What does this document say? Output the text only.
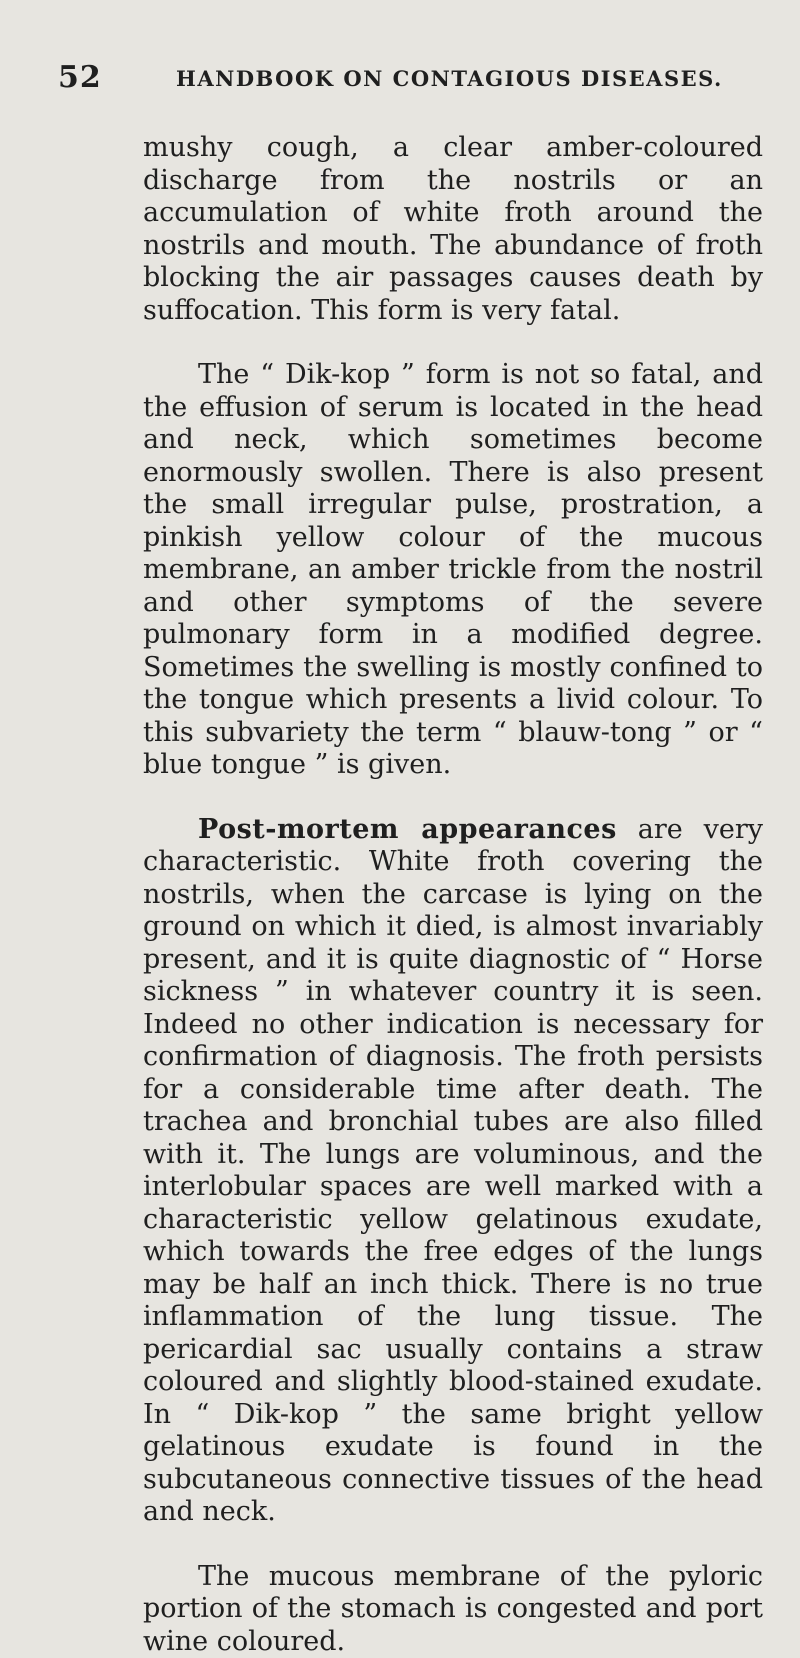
52	HANDBOOK ON CONTAGIOUS DISEASES.

mushy cough, a clear amber-coloured discharge from the nostrils or an accumulation of white froth around the nostrils and mouth. The abundance of froth blocking the air passages causes death by suffocation. This form is very fatal.

The “ Dik-kop ” form is not so fatal, and the effusion of serum is located in the head and neck, which sometimes become enormously swollen. There is also present the small irregular pulse, prostration, a pinkish yellow colour of the mucous membrane, an amber trickle from the nostril and other symptoms of the severe pulmonary form in a modified degree. Sometimes the swelling is mostly confined to the tongue which presents a livid colour. To this subvariety the term “ blauw-tong ” or “ blue tongue ” is given.

Post-mortem appearances are very characteristic. White froth covering the nostrils, when the carcase is lying on the ground on which it died, is almost invariably present, and it is quite diagnostic of “ Horse sickness ” in whatever country it is seen. Indeed no other indication is necessary for confirmation of diagnosis. The froth persists for a considerable time after death. The trachea and bronchial tubes are also filled with it. The lungs are voluminous, and the interlobular spaces are well marked with a characteristic yellow gelatinous exudate, which towards the free edges of the lungs may be half an inch thick. There is no true inflammation of the lung tissue. The pericardial sac usually contains a straw coloured and slightly blood-stained exudate. In “ Dik-kop ” the same bright yellow gelatinous exudate is found in the subcutaneous connective tissues of the head and neck.

The mucous membrane of the pyloric portion of the stomach is congested and port wine coloured.
